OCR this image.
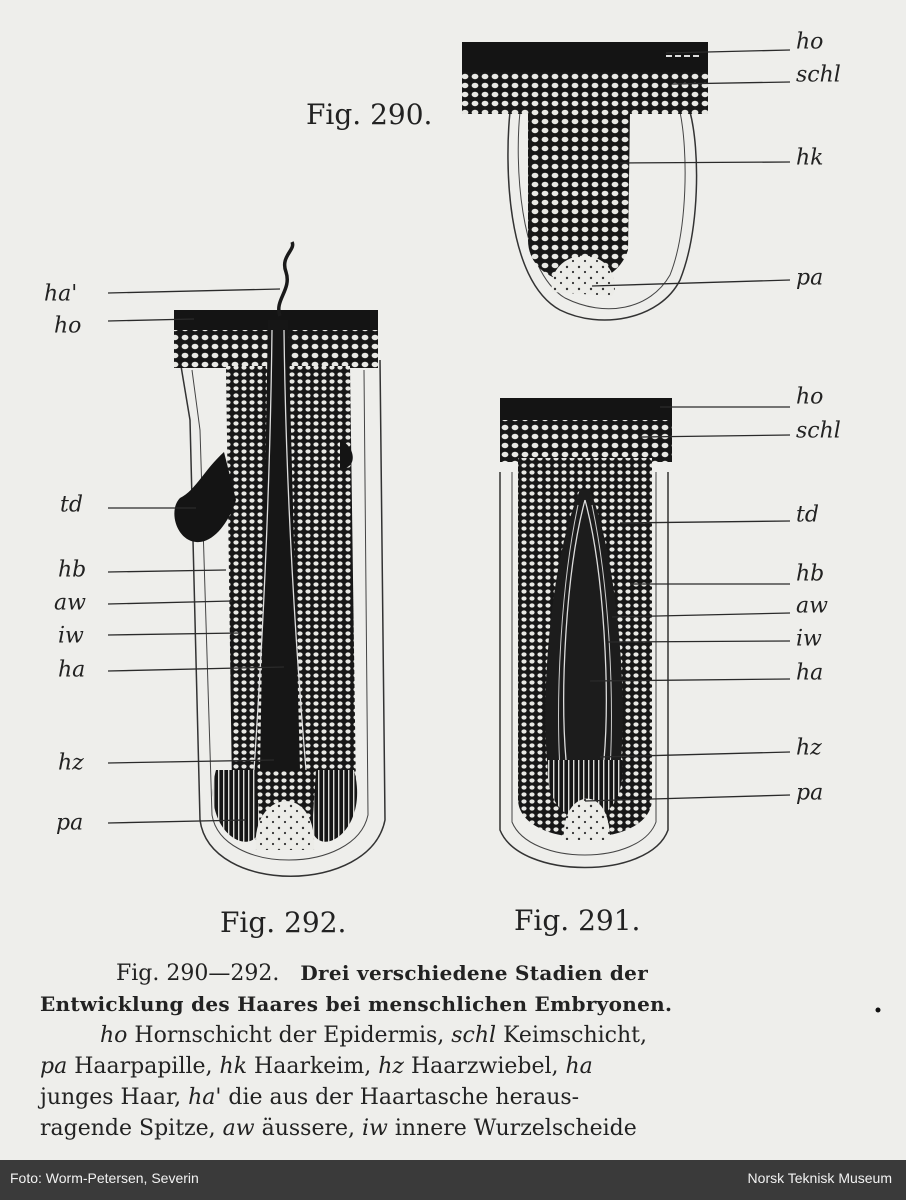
Fig. 290.
Fig. 291.
Fig. 292.
ho
schl
hk
pa
ho
schl
td
hb
aw
iw
ha
hz
pa
ha'
ho
td
hb
aw
iw
ha
hz
pa
Fig. 290—292. Drei verschiedene Stadien der
Entwicklung des Haares bei menschlichen Embryonen.
ho Hornschicht der Epidermis, schl Keimschicht,
pa Haarpapille, hk Haarkeim, hz Haarzwiebel, ha
junges Haar, ha' die aus der Haartasche heraus-
ragende Spitze, aw äussere, iw innere Wurzelscheide
Foto: Worm-Petersen, Severin	Norsk Teknisk Museum
